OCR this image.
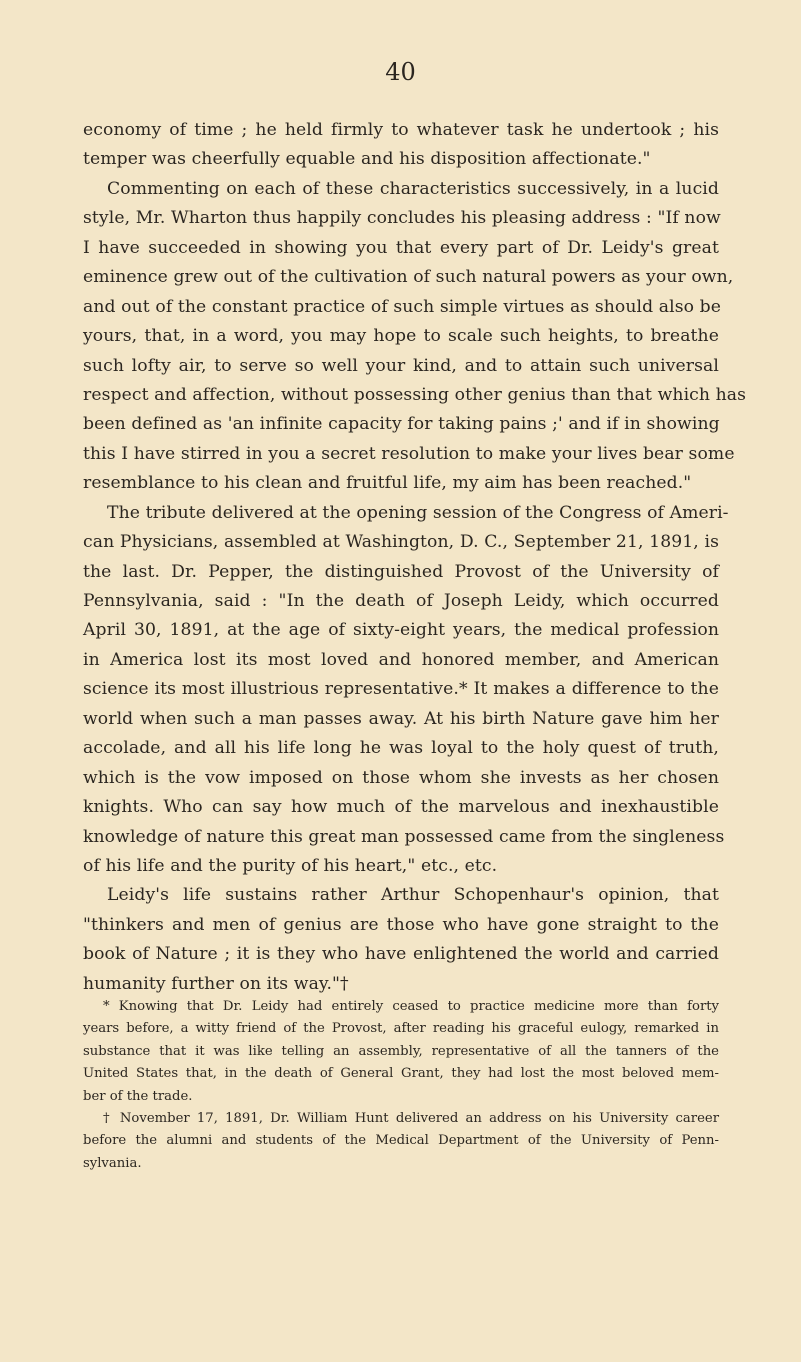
40
economy of time ; he held firmly to whatever task he undertook ; his
temper was cheerfully equable and his disposition affectionate."
Commenting on each of these characteristics successively, in a lucid
style, Mr. Wharton thus happily concludes his pleasing address : "If now
I have succeeded in showing you that every part of Dr. Leidy's great
eminence grew out of the cultivation of such natural powers as your own,
and out of the constant practice of such simple virtues as should also be
yours, that, in a word, you may hope to scale such heights, to breathe
such lofty air, to serve so well your kind, and to attain such universal
respect and affection, without possessing other genius than that which has
been defined as 'an infinite capacity for taking pains ;' and if in showing
this I have stirred in you a secret resolution to make your lives bear some
resemblance to his clean and fruitful life, my aim has been reached."
The tribute delivered at the opening session of the Congress of Ameri-
can Physicians, assembled at Washington, D. C., September 21, 1891, is
the last. Dr. Pepper, the distinguished Provost of the University of
Pennsylvania, said : "In the death of Joseph Leidy, which occurred
April 30, 1891, at the age of sixty-eight years, the medical profession
in America lost its most loved and honored member, and American
science its most illustrious representative.* It makes a difference to the
world when such a man passes away. At his birth Nature gave him her
accolade, and all his life long he was loyal to the holy quest of truth,
which is the vow imposed on those whom she invests as her chosen
knights. Who can say how much of the marvelous and inexhaustible
knowledge of nature this great man possessed came from the singleness
of his life and the purity of his heart," etc., etc.
Leidy's life sustains rather Arthur Schopenhaur's opinion, that
"thinkers and men of genius are those who have gone straight to the
book of Nature ; it is they who have enlightened the world and carried
humanity further on its way."†
* Knowing that Dr. Leidy had entirely ceased to practice medicine more than forty
years before, a witty friend of the Provost, after reading his graceful eulogy, remarked in
substance that it was like telling an assembly, representative of all the tanners of the
United States that, in the death of General Grant, they had lost the most beloved mem-
ber of the trade.
† November 17, 1891, Dr. William Hunt delivered an address on his University career
before the alumni and students of the Medical Department of the University of Penn-
sylvania.
